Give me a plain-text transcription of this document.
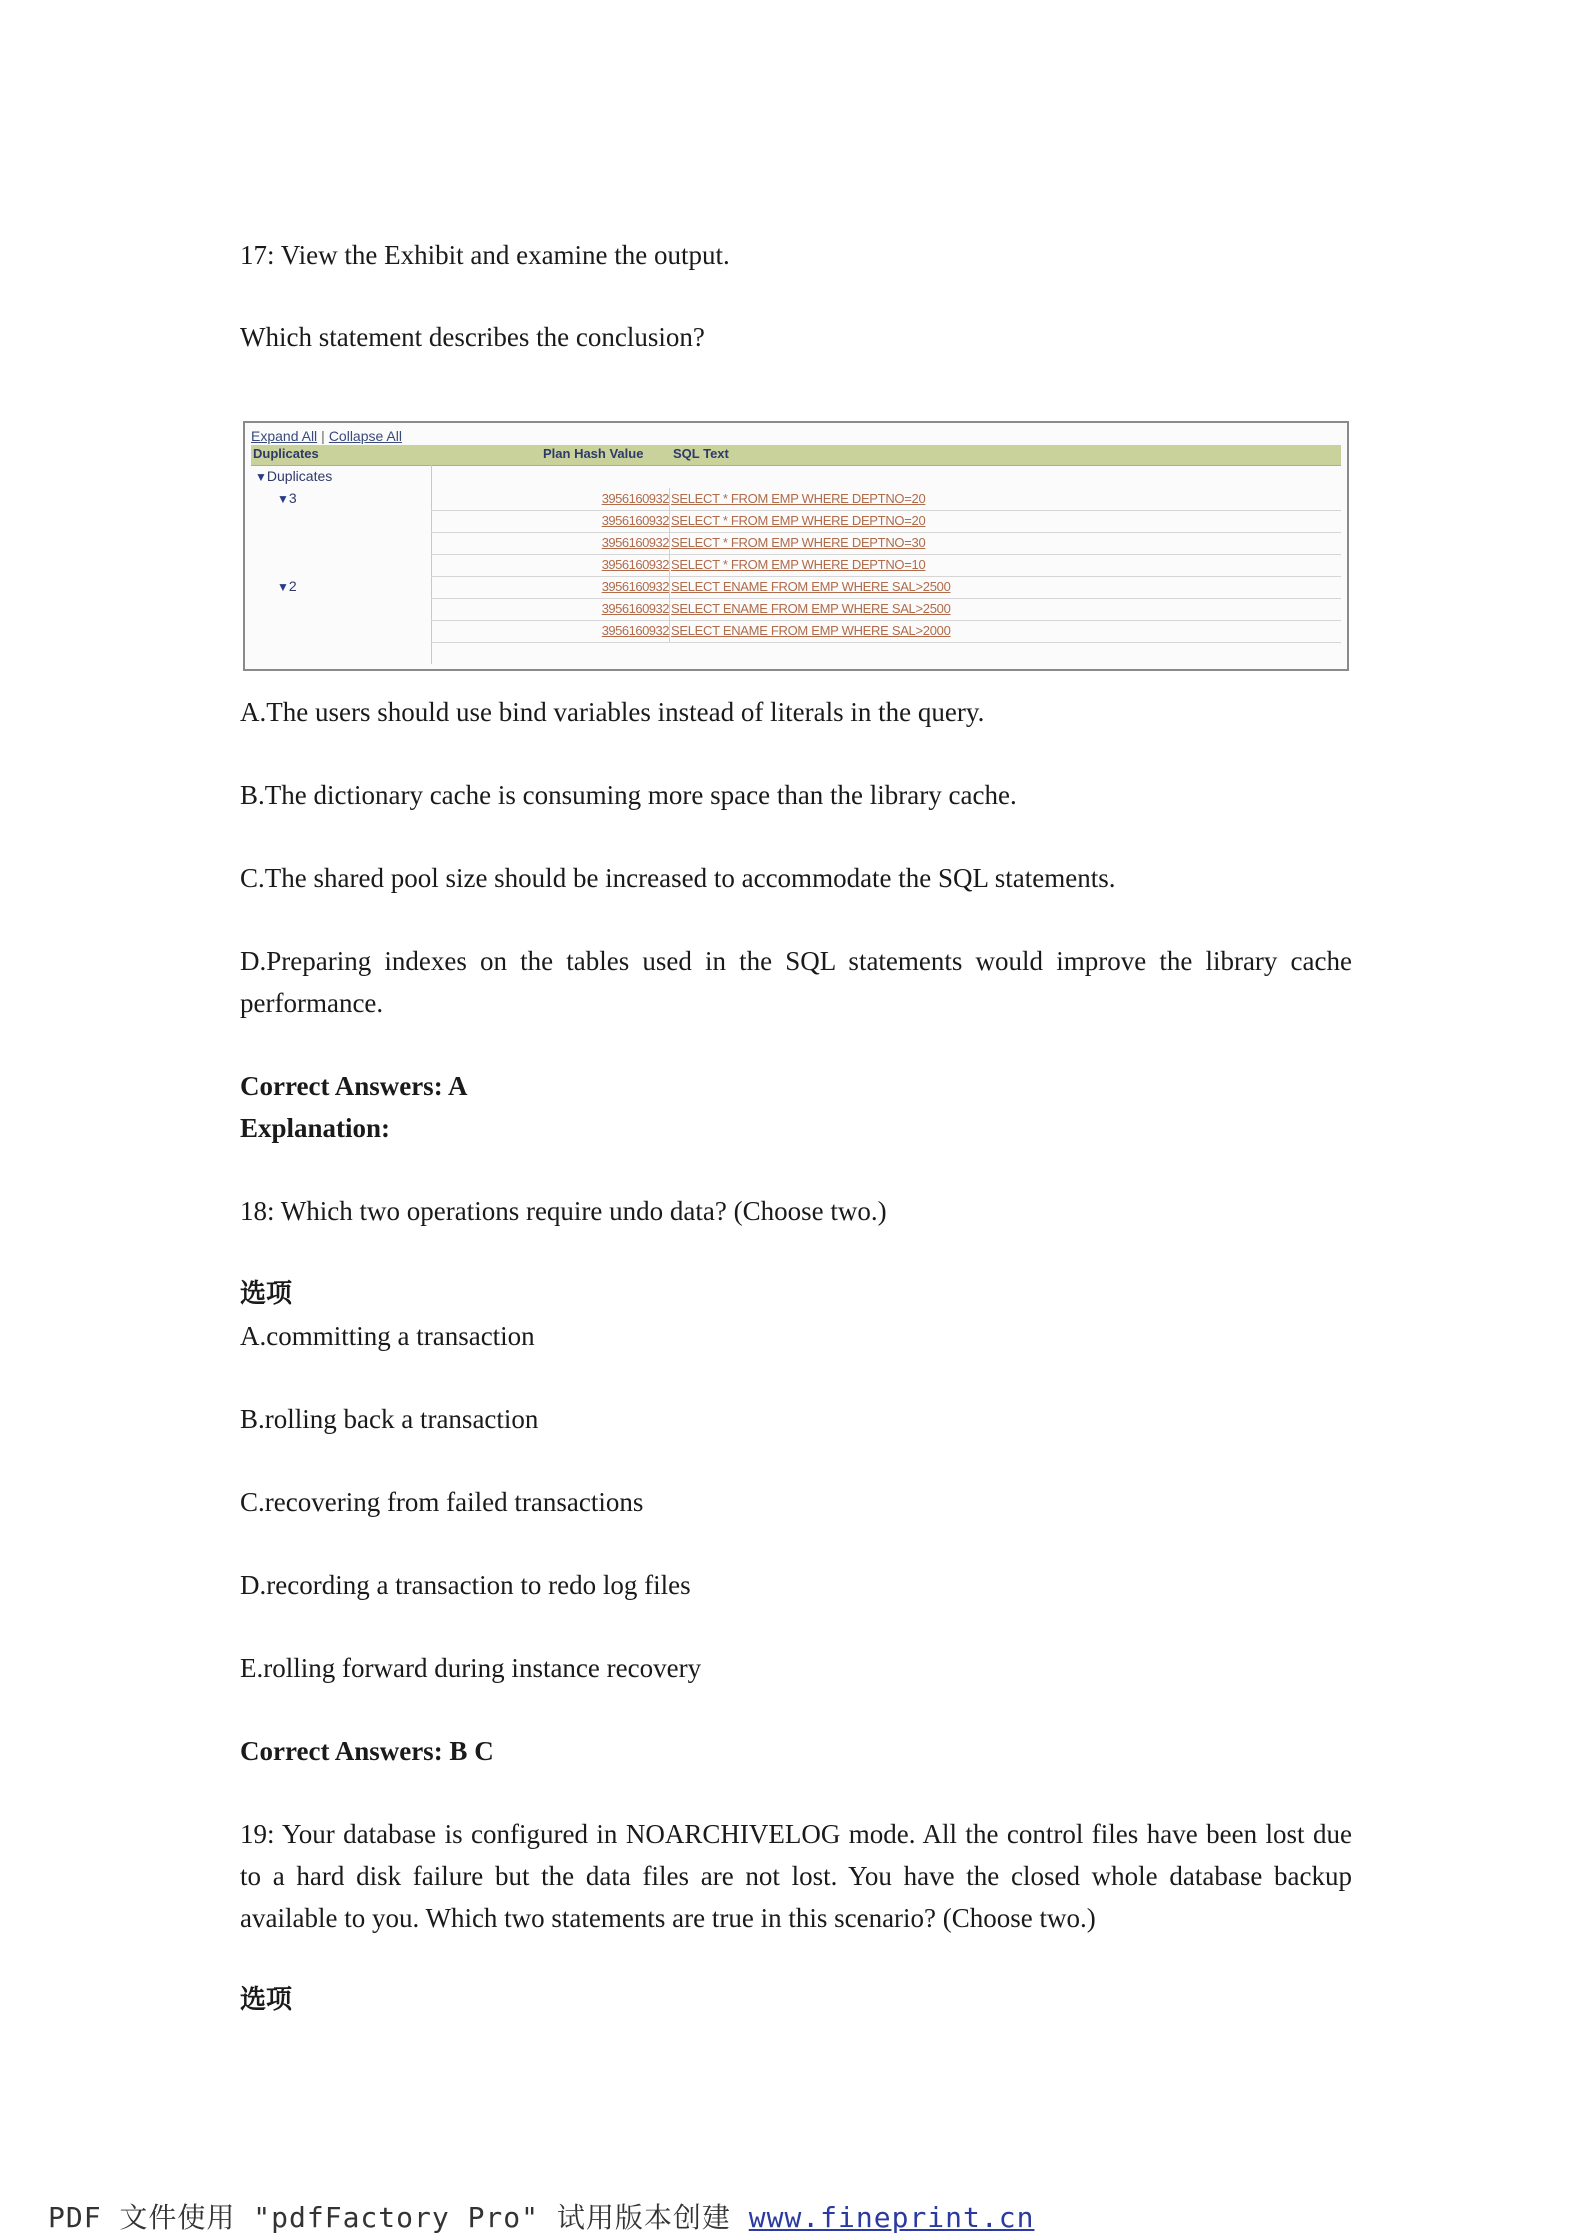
17: View the Exhibit and examine the output.
Which statement describes the conclusion?
Expand All | Collapse All
Duplicates	Plan Hash Value SQL Text
▼Duplicates
▼3
▼2
3956160932 SELECT * FROM EMP WHERE DEPTNO=20
3956160932 SELECT * FROM EMP WHERE DEPTNO=20
3956160932 SELECT * FROM EMP WHERE DEPTNO=30
3956160932 SELECT * FROM EMP WHERE DEPTNO=10
3956160932 SELECT ENAME FROM EMP WHERE SAL>2500
3956160932 SELECT ENAME FROM EMP WHERE SAL>2500
3956160932 SELECT ENAME FROM EMP WHERE SAL>2000
A.The users should use bind variables instead of literals in the query.
B.The dictionary cache is consuming more space than the library cache.
C.The shared pool size should be increased to accommodate the SQL statements.
D.Preparing indexes on the tables used in the SQL statements would improve the library cache performance.
Correct Answers: A
Explanation:
18: Which two operations require undo data? (Choose two.)
选项
A.committing a transaction
B.rolling back a transaction
C.recovering from failed transactions
D.recording a transaction to redo log files
E.rolling forward during instance recovery
Correct Answers: B C
19: Your database is configured in NOARCHIVELOG mode. All the control files have been lost due to a hard disk failure but the data files are not lost. You have the closed whole database backup available to you. Which two statements are true in this scenario? (Choose two.)
选项
PDF 文件使用 "pdfFactory Pro" 试用版本创建 www.fineprint.cn
